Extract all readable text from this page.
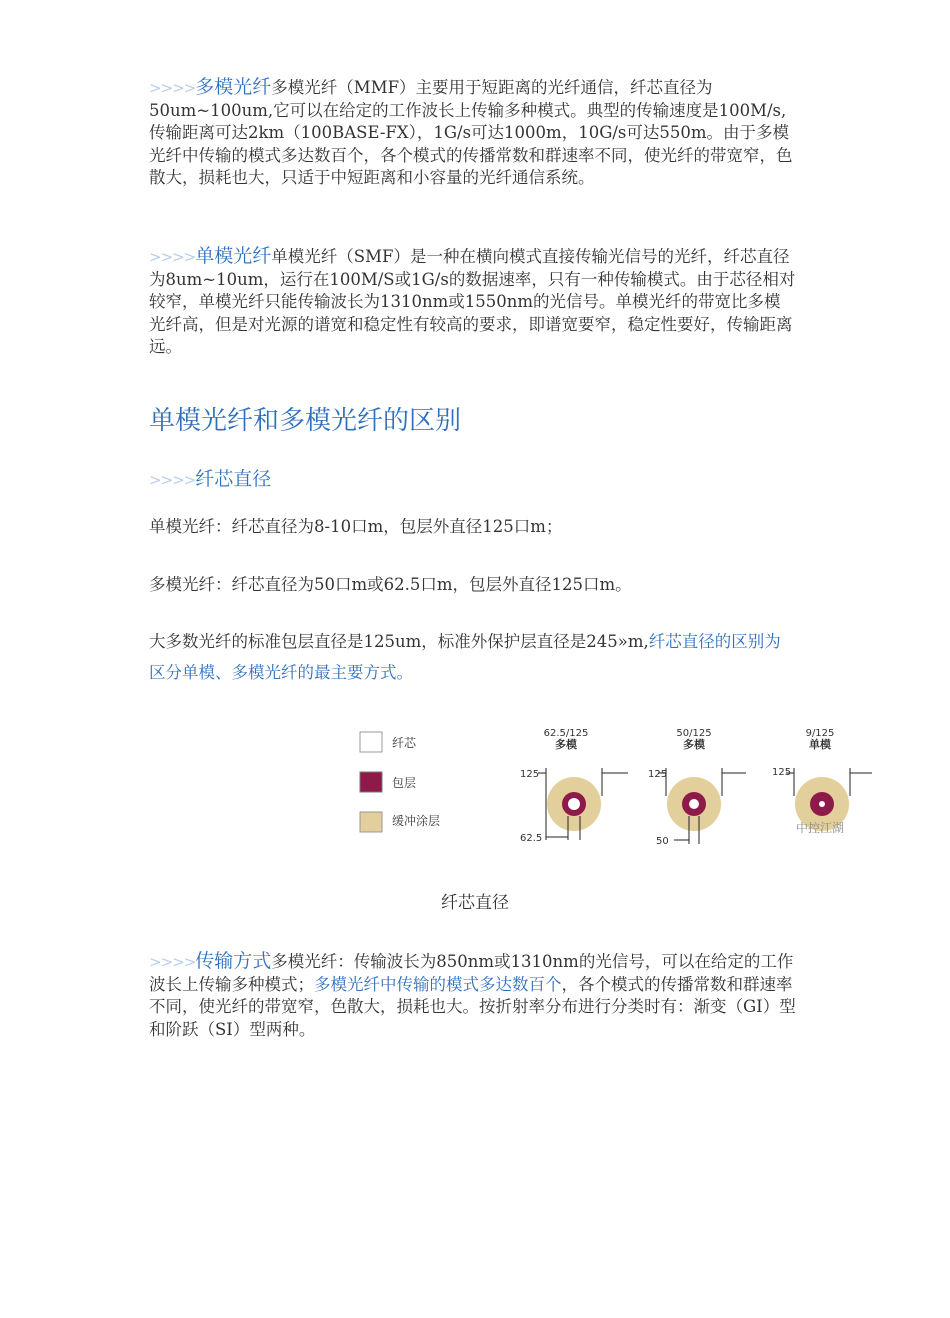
>>>>多模光纤多模光纤（MMF）主要用于短距离的光纤通信，纤芯直径为50um~100um,它可以在给定的工作波长上传输多种模式。典型的传输速度是100M/s,传输距离可达2km（100BASE-FX），1G/s可达1000m，10G/s可达550m。由于多模光纤中传输的模式多达数百个，各个模式的传播常数和群速率不同，使光纤的带宽窄，色散大，损耗也大，只适于中短距离和小容量的光纤通信系统。

>>>>单模光纤单模光纤（SMF）是一种在横向模式直接传输光信号的光纤，纤芯直径为8um~10um，运行在100M/S或1G/s的数据速率，只有一种传输模式。由于芯径相对较窄，单模光纤只能传输波长为1310nm或1550nm的光信号。单模光纤的带宽比多模光纤高，但是对光源的谱宽和稳定性有较高的要求，即谱宽要窄，稳定性要好，传输距离远。

单模光纤和多模光纤的区别
>>>>纤芯直径

单模光纤：纤芯直径为8-10口m，包层外直径125口m；

多模光纤：纤芯直径为50口m或62.5口m，包层外直径125口m。

大多数光纤的标准包层直径是125um，标准外保护层直径是245»m,纤芯直径的区别为区分单模、多模光纤的最主要方式。

纤芯
包层
缓冲涂层
62.5/125
多模
125
62.5
50/125
多模
125
50
9/125
单模
125
中控江湖

纤芯直径

>>>>传输方式多模光纤：传输波长为850nm或1310nm的光信号，可以在给定的工作波长上传输多种模式；多模光纤中传输的模式多达数百个，各个模式的传播常数和群速率不同，使光纤的带宽窄，色散大，损耗也大。按折射率分布进行分类时有：渐变（GI）型和阶跃（SI）型两种。
